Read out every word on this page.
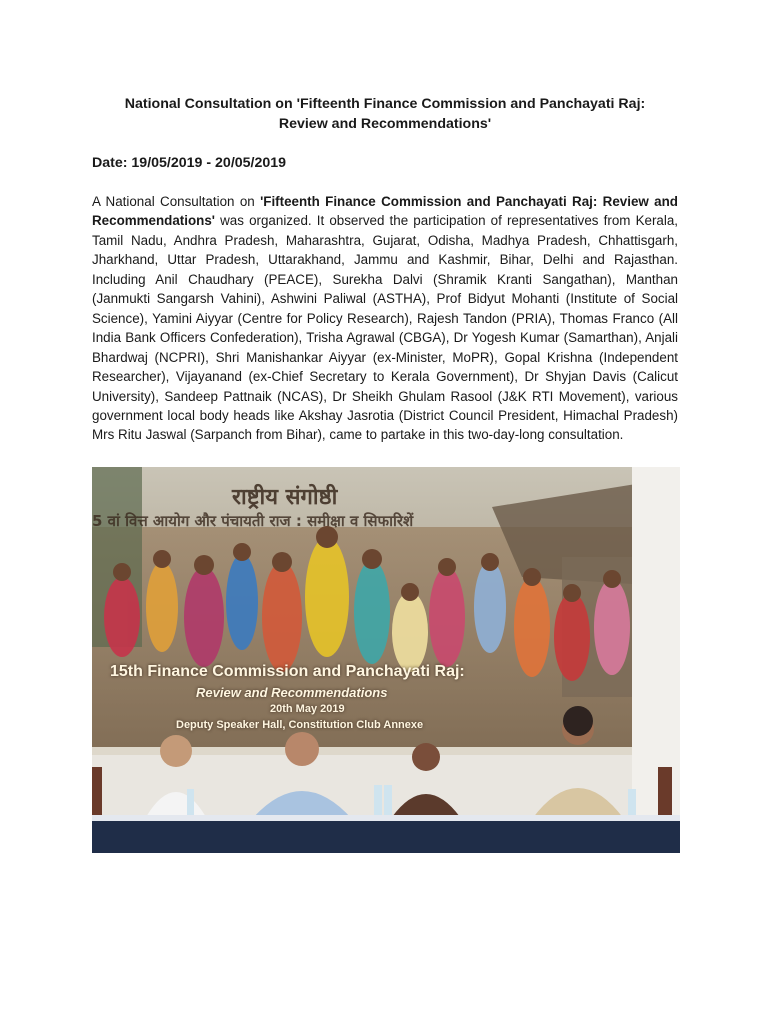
National Consultation on 'Fifteenth Finance Commission and Panchayati Raj:
Review and Recommendations'
Date: 19/05/2019 - 20/05/2019
A National Consultation on 'Fifteenth Finance Commission and Panchayati Raj: Review and Recommendations' was organized. It observed the participation of representatives from Kerala, Tamil Nadu, Andhra Pradesh, Maharashtra, Gujarat, Odisha, Madhya Pradesh, Chhattisgarh, Jharkhand, Uttar Pradesh, Uttarakhand, Jammu and Kashmir, Bihar, Delhi and Rajasthan. Including Anil Chaudhary (PEACE), Surekha Dalvi (Shramik Kranti Sangathan), Manthan (Janmukti Sangarsh Vahini), Ashwini Paliwal (ASTHA), Prof Bidyut Mohanti (Institute of Social Science), Yamini Aiyyar (Centre for Policy Research), Rajesh Tandon (PRIA), Thomas Franco (All India Bank Officers Confederation), Trisha Agrawal (CBGA), Dr Yogesh Kumar (Samarthan), Anjali Bhardwaj (NCPRI), Shri Manishankar Aiyyar (ex-Minister, MoPR), Gopal Krishna (Independent Researcher), Vijayanand (ex-Chief Secretary to Kerala Government), Dr Shyjan Davis (Calicut University), Sandeep Pattnaik (NCAS), Dr Sheikh Ghulam Rasool (J&K RTI Movement), various government local body heads like Akshay Jasrotia (District Council President, Himachal Pradesh) Mrs Ritu Jaswal (Sarpanch from Bihar), came to partake in this two-day-long consultation.
राष्ट्रीय संगोष्ठी
5 वां वित्त आयोग और पंचायती राज : समीक्षा व सिफारिशें
15th Finance Commission and Panchayati Raj:
Review and Recommendations
20th May 2019
Deputy Speaker Hall, Constitution Club Annexe
